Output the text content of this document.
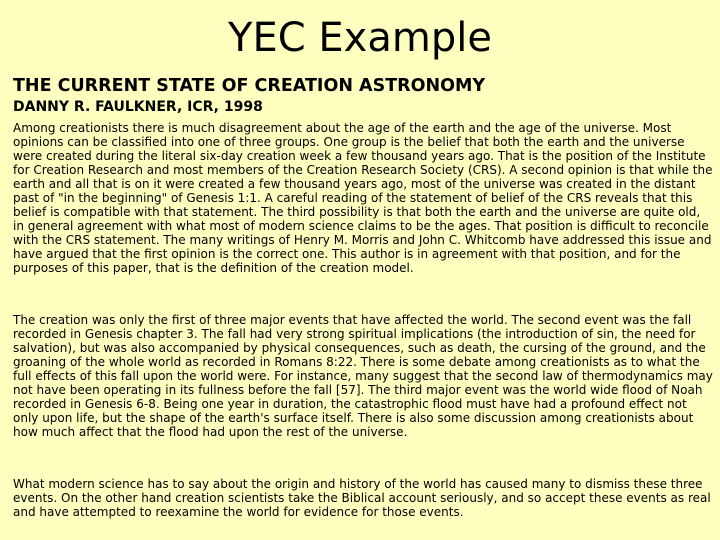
YEC Example
THE CURRENT STATE OF CREATION ASTRONOMY
DANNY R. FAULKNER, ICR, 1998

Among creationists there is much disagreement about the age of the earth and the age of the universe. Most opinions can be classified into one of three groups. One group is the belief that both the earth and the universe were created during the literal six-day creation week a few thousand years ago. That is the position of the Institute for Creation Research and most members of the Creation Research Society (CRS). A second opinion is that while the earth and all that is on it were created a few thousand years ago, most of the universe was created in the distant past of "in the beginning" of Genesis 1:1. A careful reading of the statement of belief of the CRS reveals that this belief is compatible with that statement. The third possibility is that both the earth and the universe are quite old, in general agreement with what most of modern science claims to be the ages. That position is difficult to reconcile with the CRS statement. The many writings of Henry M. Morris and John C. Whitcomb have addressed this issue and have argued that the first opinion is the correct one. This author is in agreement with that position, and for the purposes of this paper, that is the definition of the creation model.

The creation was only the first of three major events that have affected the world. The second event was the fall recorded in Genesis chapter 3. The fall had very strong spiritual implications (the introduction of sin, the need for salvation), but was also accompanied by physical consequences, such as death, the cursing of the ground, and the groaning of the whole world as recorded in Romans 8:22. There is some debate among creationists as to what the full effects of this fall upon the world were. For instance, many suggest that the second law of thermodynamics may not have been operating in its fullness before the fall [57]. The third major event was the world wide flood of Noah recorded in Genesis 6-8. Being one year in duration, the catastrophic flood must have had a profound effect not only upon life, but the shape of the earth's surface itself. There is also some discussion among creationists about how much affect that the flood had upon the rest of the universe.

What modern science has to say about the origin and history of the world has caused many to dismiss these three events. On the other hand creation scientists take the Biblical account seriously, and so accept these events as real and have attempted to reexamine the world for evidence for those events.
